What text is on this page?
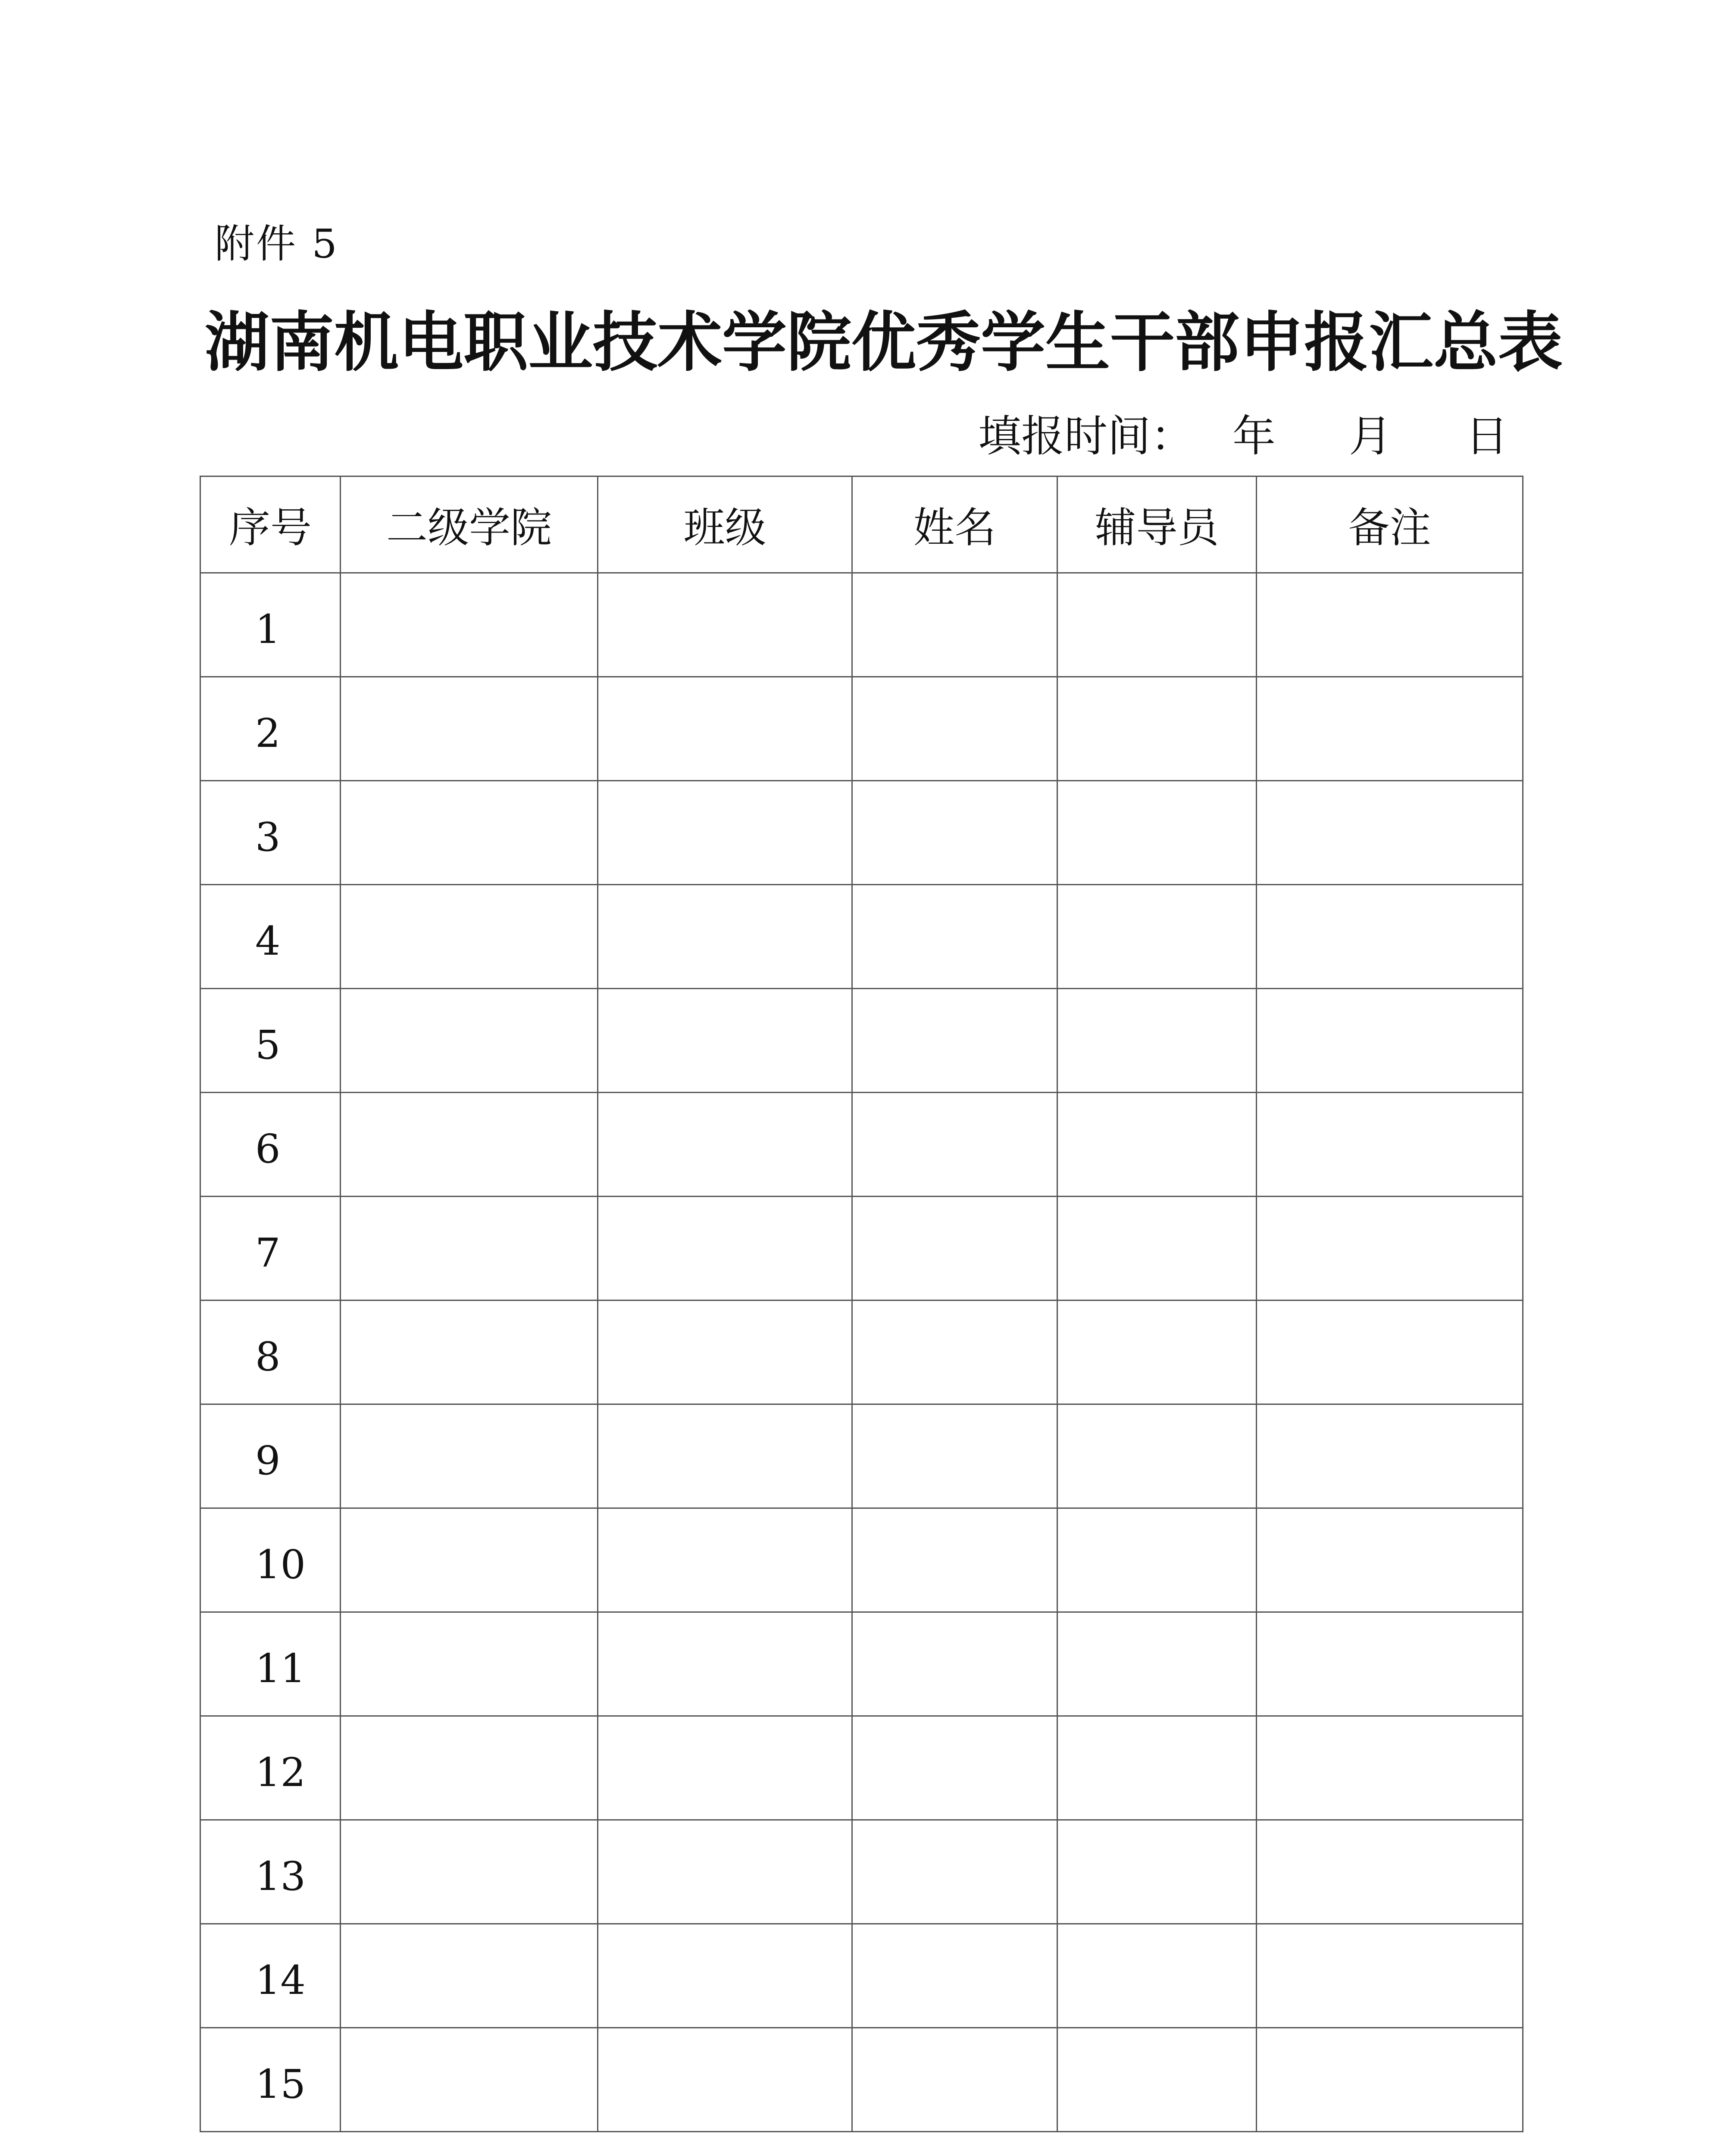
附件 5
湖南机电职业技术学院优秀学生干部申报汇总表
填报时间： 年 月 日
序号	二级学院	班级	姓名	辅导员	备注
1					
2					
3					
4					
5					
6					
7					
8					
9					
10					
11					
12					
13					
14					
15					
